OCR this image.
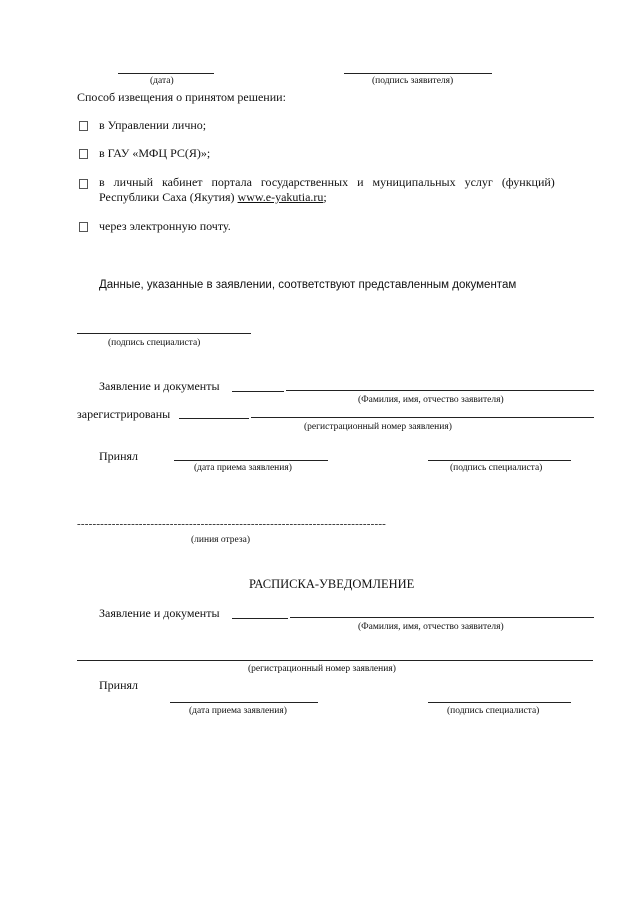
(дата)	(подпись заявителя)
Способ извещения о принятом решении:
в Управлении лично;
в ГАУ «МФЦ РС(Я)»;
в   личный   кабинет   портала   государственных   и   муниципальных   услуг   (функций)
Республики Саха (Якутия) www.e-yakutia.ru;
через электронную почту.
Данные, указанные в заявлении, соответствуют представленным документам
(подпись специалиста)
Заявление и документы
(Фамилия, имя, отчество заявителя)
зарегистрированы
(регистрационный номер заявления)
Принял
(дата приема заявления)	(подпись специалиста)
--------------------------------------------------------------------------------
(линия отреза)
РАСПИСКА-УВЕДОМЛЕНИЕ
Заявление и документы
(Фамилия, имя, отчество заявителя)
(регистрационный номер заявления)
Принял
(дата приема заявления)	(подпись специалиста)
